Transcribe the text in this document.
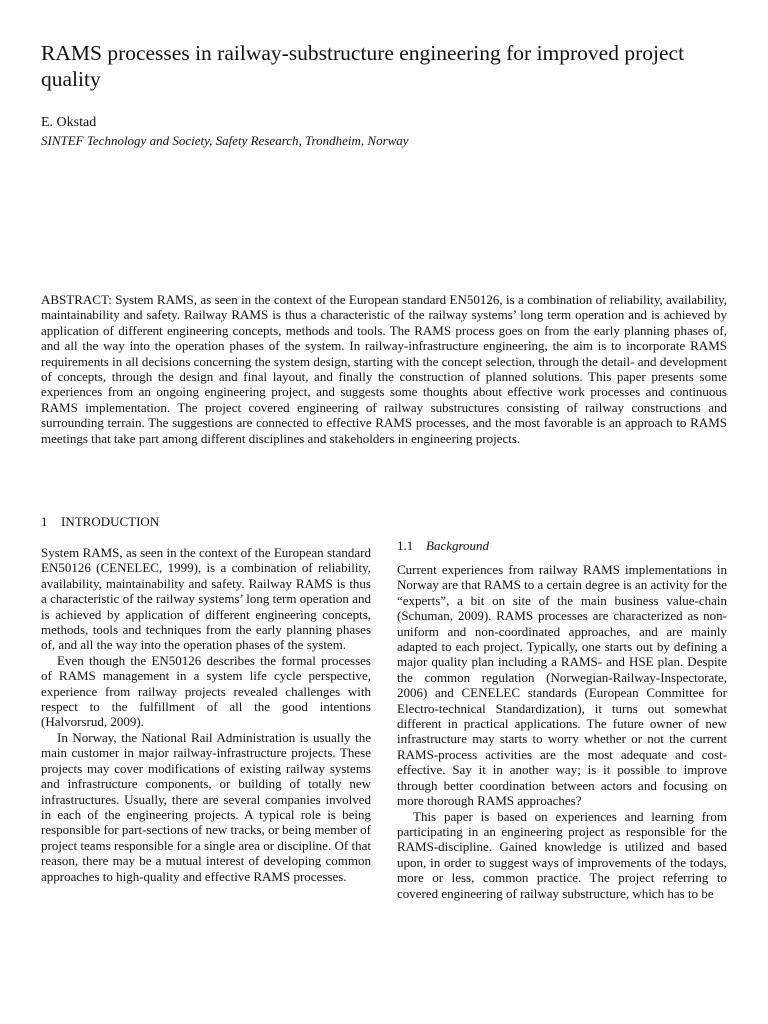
RAMS processes in railway-substructure engineering for improved project quality
E. Okstad
SINTEF Technology and Society, Safety Research, Trondheim, Norway

ABSTRACT: System RAMS, as seen in the context of the European standard EN50126, is a combination of reliability, availability, maintainability and safety. Railway RAMS is thus a characteristic of the railway systems’ long term operation and is achieved by application of different engineering concepts, methods and tools. The RAMS process goes on from the early planning phases of, and all the way into the operation phases of the system. In railway-infrastructure engineering, the aim is to incorporate RAMS requirements in all decisions concerning the system design, starting with the concept selection, through the detail- and development of concepts, through the design and final layout, and finally the construction of planned solutions. This paper presents some experiences from an ongoing engineering project, and suggests some thoughts about effective work processes and continuous RAMS implementation. The project covered engineering of railway substructures consisting of railway constructions and surrounding terrain. The suggestions are connected to effective RAMS processes, and the most favorable is an approach to RAMS meetings that take part among different disciplines and stakeholders in engineering projects.

1 INTRODUCTION

System RAMS, as seen in the context of the European standard EN50126 (CENELEC, 1999), is a combination of reliability, availability, maintainability and safety. Railway RAMS is thus a characteristic of the railway systems’ long term operation and is achieved by application of different engineering concepts, methods, tools and techniques from the early planning phases of, and all the way into the operation phases of the system.

Even though the EN50126 describes the formal processes of RAMS management in a system life cycle perspective, experience from railway projects revealed challenges with respect to the fulfillment of all the good intentions (Halvorsrud, 2009).

In Norway, the National Rail Administration is usually the main customer in major railway-infrastructure projects. These projects may cover modifications of existing railway systems and infrastructure components, or building of totally new infrastructures. Usually, there are several companies involved in each of the engineering projects. A typical role is being responsible for part-sections of new tracks, or being member of project teams responsible for a single area or discipline. Of that reason, there may be a mutual interest of developing common approaches to high-quality and effective RAMS processes.

1.1 Background

Current experiences from railway RAMS implementations in Norway are that RAMS to a certain degree is an activity for the “experts”, a bit on site of the main business value-chain (Schuman, 2009). RAMS processes are characterized as non-uniform and non-coordinated approaches, and are mainly adapted to each project. Typically, one starts out by defining a major quality plan including a RAMS- and HSE plan. Despite the common regulation (Norwegian-Railway-Inspectorate, 2006) and CENELEC standards (European Committee for Electro-technical Standardization), it turns out somewhat different in practical applications. The future owner of new infrastructure may starts to worry whether or not the current RAMS-process activities are the most adequate and cost-effective. Say it in another way; is it possible to improve through better coordination between actors and focusing on more thorough RAMS approaches?

This paper is based on experiences and learning from participating in an engineering project as responsible for the RAMS-discipline. Gained knowledge is utilized and based upon, in order to suggest ways of improvements of the todays, more or less, common practice. The project referring to covered engineering of railway substructure, which has to be
